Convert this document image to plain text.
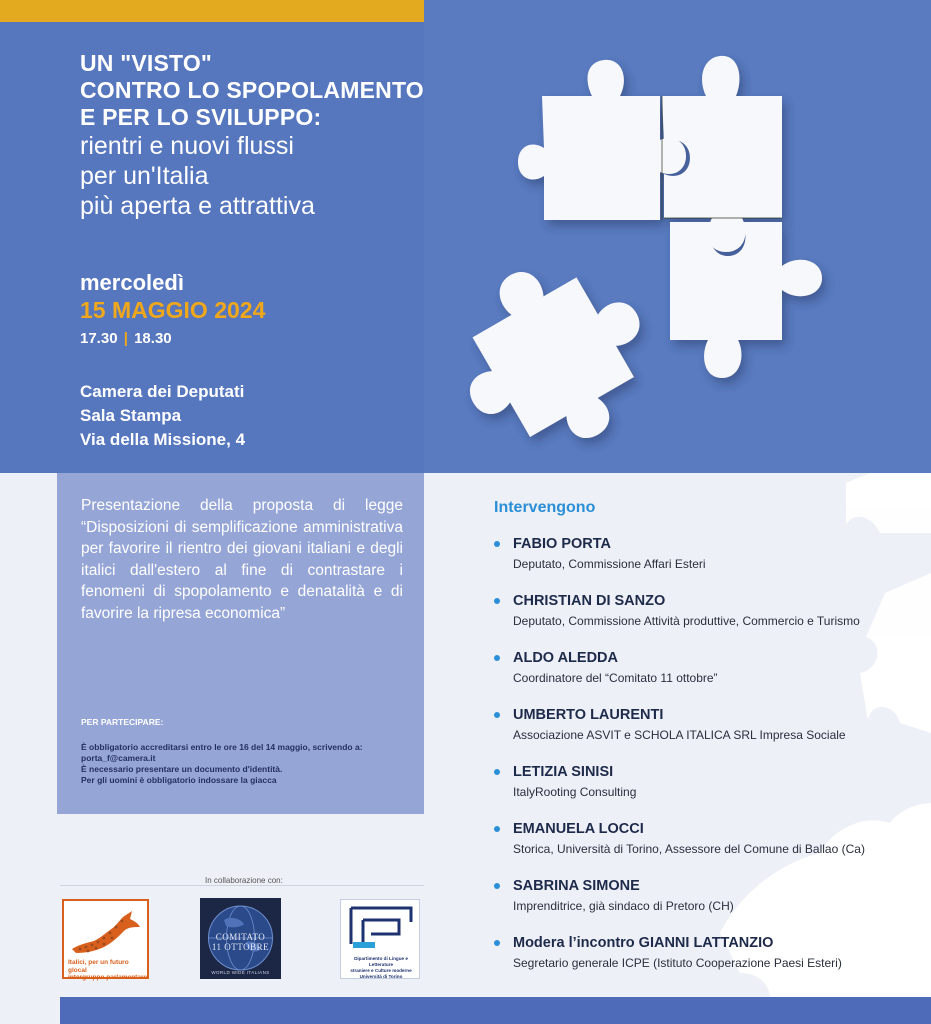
UN "VISTO"
CONTRO LO SPOPOLAMENTO
E PER LO SVILUPPO:
rientri e nuovi flussi
per un'Italia
più aperta e attrattiva
mercoledì
15 MAGGIO 2024
17.30 | 18.30
Camera dei Deputati
Sala Stampa
Via della Missione, 4
Presentazione della proposta di legge “Disposizioni di semplificazione amministrativa per favorire il rientro dei giovani italiani e degli italici dall'estero al fine di contrastare i fenomeni di spopolamento e denatalità e di favorire la ripresa economica”
PER PARTECIPARE:
È obbligatorio accreditarsi entro le ore 16 del 14 maggio, scrivendo a: porta_f@camera.it
È necessario presentare un documento d'identità.
Per gli uomini è obbligatorio indossare la giacca
Intervengono
FABIO PORTA
Deputato, Commissione Affari Esteri
CHRISTIAN DI SANZO
Deputato, Commissione Attività produttive, Commercio e Turismo
ALDO ALEDDA
Coordinatore del “Comitato 11 ottobre”
UMBERTO LAURENTI
Associazione ASVIT e SCHOLA ITALICA SRL Impresa Sociale
LETIZIA SINISI
ItalyRooting Consulting
EMANUELA LOCCI
Storica, Università di Torino, Assessore del Comune di Ballao (Ca)
SABRINA SIMONE
Imprenditrice, già sindaco di Pretoro (CH)
Modera l’incontro GIANNI LATTANZIO
Segretario generale ICPE (Istituto Cooperazione Paesi Esteri)
In collaborazione con:
Italici, per un futuro glocal
intergruppo parlamentare
COMITATO
11 OTTOBRE
WORLD WIDE ITALIANS
Dipartimento di Lingue e Letterature
straniere e Culture moderne
Università di Torino
